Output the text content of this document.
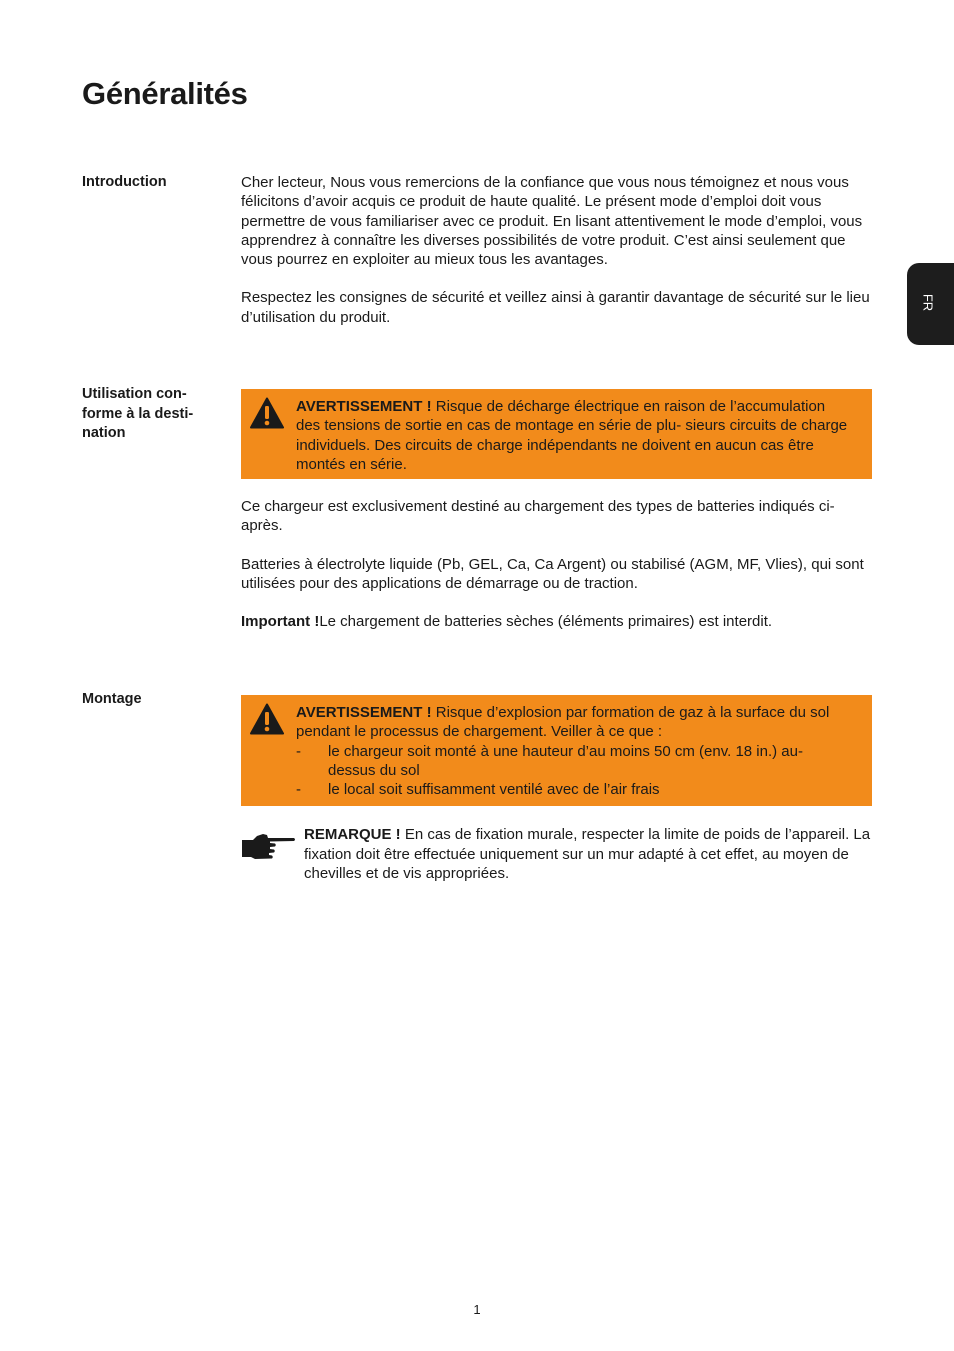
Généralités
FR
Introduction	Cher lecteur, Nous vous remercions de la confiance que vous nous témoignez et nous vous félicitons d’avoir acquis ce produit de haute qualité. Le présent mode d’emploi doit vous permettre de vous familiariser avec ce produit. En lisant attentivement le mode d’emploi, vous apprendrez à connaître les diverses possibilités de votre produit. C’est ainsi seulement que vous pourrez en exploiter au mieux tous les avantages.

Respectez les consignes de sécurité et veillez ainsi à garantir davantage de sécurité sur le lieu d’utilisation du produit.

Utilisation con- forme à la desti- nation
AVERTISSEMENT ! Risque de décharge électrique en raison de l’accumulation des tensions de sortie en cas de montage en série de plu- sieurs circuits de charge individuels. Des circuits de charge indépendants ne doivent en aucun cas être montés en série.

Ce chargeur est exclusivement destiné au chargement des types de batteries indiqués ci-après.

Batteries à électrolyte liquide (Pb, GEL, Ca, Ca Argent) ou stabilisé (AGM, MF, Vlies), qui sont utilisées pour des applications de démarrage ou de traction.

Important !Le chargement de batteries sèches (éléments primaires) est interdit.

Montage
AVERTISSEMENT ! Risque d’explosion par formation de gaz à la surface du sol pendant le processus de chargement. Veiller à ce que :
- le chargeur soit monté à une hauteur d’au moins 50 cm (env. 18 in.) au- dessus du sol
- le local soit suffisamment ventilé avec de l’air frais
REMARQUE ! En cas de fixation murale, respecter la limite de poids de l’appareil. La fixation doit être effectuée uniquement sur un mur adapté à cet effet, au moyen de chevilles et de vis appropriées.
1
